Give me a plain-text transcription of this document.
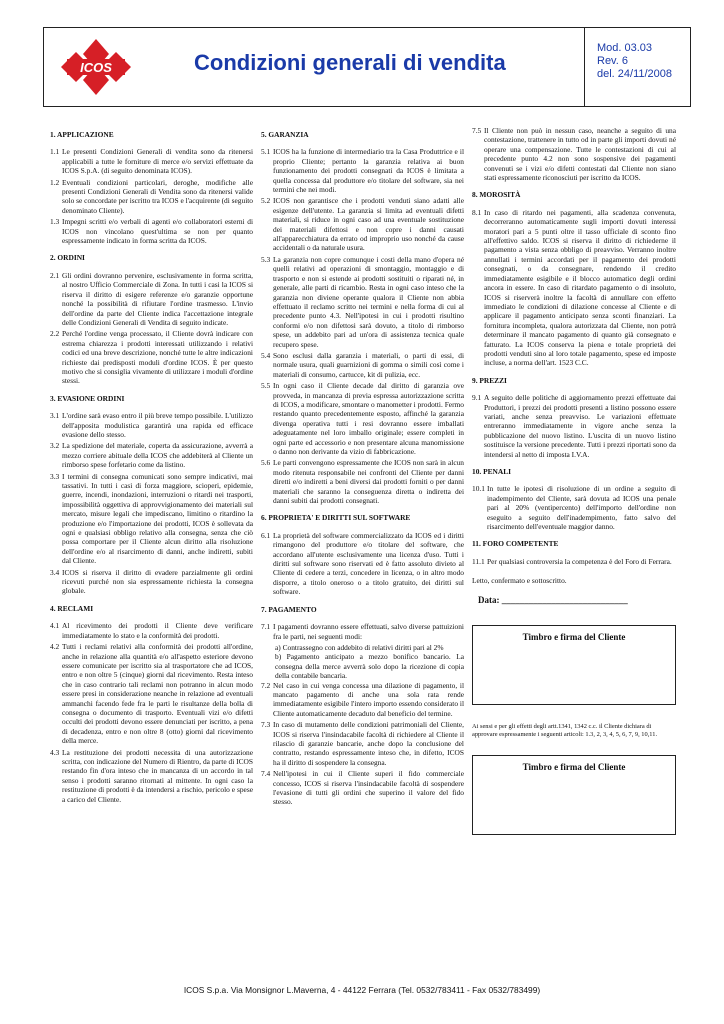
ICOS	Condizioni generali di vendita
Mod. 03.03
Rev. 6
del. 24/11/2008
1. APPLICAZIONE
1.1 Le presenti Condizioni Generali di vendita sono da ritenersi applicabili a tutte le forniture di merce e/o servizi effettuate da ICOS S.p.A. (di seguito denominata ICOS).
1.2 Eventuali condizioni particolari, deroghe, modifiche alle presenti Condizioni Generali di Vendita sono da ritenersi valide solo se concordate per iscritto tra ICOS e l'acquirente (di seguito denominato Cliente).
1.3 Impegni scritti e/o verbali di agenti e/o collaboratori esterni di ICOS non vincolano quest'ultima se non per quanto espressamente indicato in forma scritta da ICOS.
2. ORDINI
2.1 Gli ordini dovranno pervenire, esclusivamente in forma scritta, al nostro Ufficio Commerciale di Zona. In tutti i casi la ICOS si riserva il diritto di esigere referenze e/o garanzie opportune nonché la possibilità di rifiutare l'ordine trasmesso. L'invio dell'ordine da parte del Cliente indica l'accettazione integrale delle Condizioni Generali di Vendita di seguito indicate.
2.2 Perché l'ordine venga processato, il Cliente dovrà indicare con estrema chiarezza i prodotti interessati utilizzando i relativi codici ed una breve descrizione, nonché tutte le altre indicazioni richieste dai predisposti moduli d'ordine ICOS. È per questo motivo che si consiglia vivamente di utilizzare i moduli d'ordine stessi.
3. EVASIONE ORDINI
3.1 L'ordine sarà evaso entro il più breve tempo possibile. L'utilizzo dell'apposita modulistica garantirà una rapida ed efficace evasione dello stesso.
3.2 La spedizione del materiale, coperta da assicurazione, avverrà a mezzo corriere abituale della ICOS che addebiterà al Cliente un rimborso spese forfetario come da listino.
3.3 I termini di consegna comunicati sono sempre indicativi, mai tassativi. In tutti i casi di forza maggiore, scioperi, epidemie, guerre, incendi, inondazioni, interruzioni o ritardi nei trasporti, impossibilità oggettiva di approvvigionamento dei materiali sul mercato, misure legali che impediscano, limitino o ritardino la produzione e/o l'importazione dei prodotti, ICOS è sollevata da ogni e qualsiasi obbligo relativo alla consegna, senza che ciò possa comportare per il Cliente alcun diritto alla risoluzione dell'ordine e/o al risarcimento di danni, anche indiretti, subiti dal Cliente.
3.4 ICOS si riserva il diritto di evadere parzialmente gli ordini ricevuti purché non sia espressamente richiesta la consegna globale.
4. RECLAMI
4.1 Al ricevimento dei prodotti il Cliente deve verificare immediatamente lo stato e la conformità dei prodotti.
4.2 Tutti i reclami relativi alla conformità dei prodotti all'ordine, anche in relazione alla quantità e/o all'aspetto esteriore devono essere comunicate per iscritto sia al trasportatore che ad ICOS, entro e non oltre 5 (cinque) giorni dal ricevimento. Resta inteso che in caso contrario tali reclami non potranno in alcun modo essere presi in considerazione neanche in relazione ad eventuali ammanchi facendo fede fra le parti le risultanze della bolla di consegna o documento di trasporto. Eventuali vizi e/o difetti occulti dei prodotti devono essere denunciati per iscritto, a pena di decadenza, entro e non oltre 8 (otto) giorni dal ricevimento della merce.
4.3 La restituzione dei prodotti necessita di una autorizzazione scritta, con indicazione del Numero di Rientro, da parte di ICOS restando fin d'ora inteso che in mancanza di un accordo in tal senso i prodotti saranno ritornati al mittente. In ogni caso la restituzione di prodotti è da intendersi a rischio, pericolo e spese a carico del Cliente.
5. GARANZIA
5.1 ICOS ha la funzione di intermediario tra la Casa Produttrice e il proprio Cliente; pertanto la garanzia relativa ai buon funzionamento dei prodotti consegnati da ICOS è limitata a quella concessa dal produttore e/o titolare del software, sia nei termini che nei modi.
5.2 ICOS non garantisce che i prodotti venduti siano adatti alle esigenze dell'utente. La garanzia si limita ad eventuali difetti materiali, si riduce in ogni caso ad una eventuale sostituzione dei materiali difettosi e non copre i danni causati all'apparecchiatura da errato od improprio uso nonché da cause accidentali o da naturale usura.
5.3 La garanzia non copre comunque i costi della mano d'opera né quelli relativi ad operazioni di smontaggio, montaggio e di trasporto e non si estende ai prodotti sostituiti o riparati né, in generale, alle parti di ricambio. Resta in ogni caso inteso che la garanzia non diviene operante qualora il Cliente non abbia effettuato il reclamo scritto nei termini e nella forma di cui al precedente punto 4.3. Nell'ipotesi in cui i prodotti risultino conformi e/o non difettosi sarà dovuto, a titolo di rimborso spese, un addebito pari ad un'ora di assistenza tecnica quale recupero spese.
5.4 Sono esclusi dalla garanzia i materiali, o parti di essi, di normale usura, quali guarnizioni di gomma o simili così come i materiali di consumo, cartucce, kit di pulizia, ecc.
5.5 In ogni caso il Cliente decade dal diritto di garanzia ove provveda, in mancanza di previa espressa autorizzazione scritta di ICOS, a modificare, smontare o manometter i prodotti. Fermo restando quanto precedentemente esposto, affinché la garanzia divenga operativa tutti i resi dovranno essere imballati adeguatamente nel loro imballo originale; essere completi in ogni parte ed accessorio e non presentare alcuna manomissione o danno non derivante da vizio di fabbricazione.
5.6 Le parti convengono espressamente che ICOS non sarà in alcun modo ritenuta responsabile nei confronti del Cliente per danni diretti e/o indiretti a beni diversi dai prodotti forniti o per danni materiali che saranno la conseguenza diretta o indiretta dei danni subiti dai prodotti consegnati.
6. PROPRIETA' E DIRITTI SUL SOFTWARE
6.1 La proprietà del software commercializzato da ICOS ed i diritti rimangono del produttore e/o titolare del software, che accordano all'utente esclusivamente una licenza d'uso. Tutti i diritti sul software sono riservati ed è fatto assoluto divieto al Cliente di cedere a terzi, concedere in licenza, o in altro modo disporre, a titolo oneroso o a titolo gratuito, dei diritti sul software.
7. PAGAMENTO
7.1 I pagamenti dovranno essere effettuati, salvo diverse pattuizioni fra le parti, nei seguenti modi:
a) Contrassegno con addebito di relativi diritti pari al 2%
b) Pagamento anticipato a mezzo bonifico bancario. La consegna della merce avverrà solo dopo la ricezione di copia della contabile bancaria.
7.2 Nel caso in cui venga concessa una dilazione di pagamento, il mancato pagamento di anche una sola rata rende immediatamente esigibile l'intero importo essendo considerato il Cliente automaticamente decaduto dal beneficio del termine.
7.3 In caso di mutamento delle condizioni patrimoniali del Cliente, ICOS si riserva l'insindacabile facoltà di richiedere al Cliente il rilascio di garanzie bancarie, anche dopo la conclusione del contratto, restando espressamente inteso che, in difetto, ICOS ha il diritto di sospendere la consegna.
7.4 Nell'ipotesi in cui il Cliente superi il fido commerciale concesso, ICOS si riserva l'insindacabile facoltà di sospendere l'evasione di tutti gli ordini che superino il valore del fido stesso.
7.5 Il Cliente non può in nessun caso, neanche a seguito di una contestazione, trattenere in tutto od in parte gli importi dovuti né operare una compensazione. Tutte le contestazioni di cui al precedente punto 4.2 non sono sospensive dei pagamenti convenuti se i vizi e/o difetti contestati dal Cliente non siano stati espressamente riconosciuti per iscritto da ICOS.
8. MOROSITÀ
8.1 In caso di ritardo nei pagamenti, alla scadenza convenuta, decorreranno automaticamente sugli importi dovuti interessi moratori pari a 5 punti oltre il tasso ufficiale di sconto fino all'effettivo saldo. ICOS si riserva il diritto di richiederne il pagamento a vista senza obbligo di preavviso. Verranno inoltre annullati i termini accordati per il pagamento dei prodotti consegnati, o da consegnare, rendendo il credito immediatamente esigibile e il blocco automatico degli ordini ancora in essere. In caso di ritardato pagamento o di insoluto, ICOS si riserverà inoltre la facoltà di annullare con effetto immediato le condizioni di dilazione concesse al Cliente e di applicare il pagamento anticipato senza sconti finanziari. La fornitura incompleta, qualora autorizzata dal Cliente, non potrà determinare il mancato pagamento di quanto già consegnato e fatturato. La ICOS conserva la piena e totale proprietà dei prodotti venduti sino al loro totale pagamento, spese ed imposte incluse, a norma dell'art. 1523 C.C.
9. PREZZI
9.1 A seguito delle politiche di aggiornamento prezzi effettuate dai Produttori, i prezzi dei prodotti presenti a listino possono essere variati, anche senza preavviso. Le variazioni effettuate entreranno immediatamente in vigore anche senza la pubblicazione del nuovo listino. L'uscita di un nuovo listino sostituisce la versione precedente. Tutti i prezzi riportati sono da intendersi al netto di imposta I.V.A.
10. PENALI
10.1 In tutte le ipotesi di risoluzione di un ordine a seguito di inadempimento del Cliente, sarà dovuta ad ICOS una penale pari al 20% (ventipercento) dell'importo dell'ordine non eseguito a seguito dell'inadempimento, fatto salvo del risarcimento dell'eventuale maggior danno.
11. FORO COMPETENTE
11.1 Per qualsiasi controversia la competenza è del Foro di Ferrara.
Letto, confermato e sottoscritto.
Data: ____________________________
Timbro e firma del Cliente
Ai sensi e per gli effetti degli artt.1341, 1342 c.c. il Cliente dichiara di approvare espressamente i seguenti articoli: 1.3, 2, 3, 4, 5, 6, 7, 9, 10,11.
Timbro e firma del Cliente
ICOS S.p.a. Via Monsignor L.Maverna, 4 - 44122 Ferrara (Tel. 0532/783411 - Fax 0532/783499)
